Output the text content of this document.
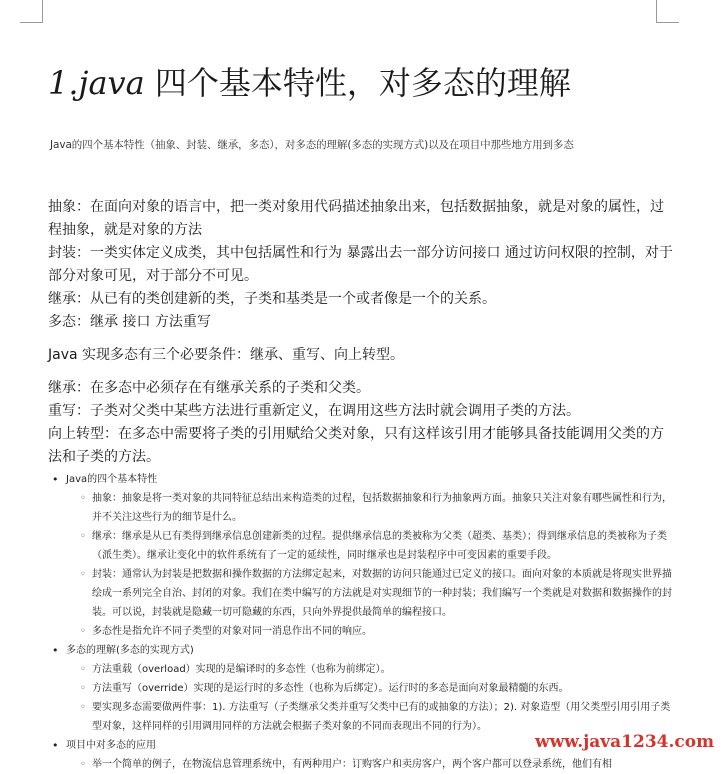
1.java 四个基本特性，对多态的理解

Java的四个基本特性（抽象、封装、继承，多态），对多态的理解(多态的实现方式)以及在项目中那些地方用到多态

抽象：在面向对象的语言中，把一类对象用代码描述抽象出来，包括数据抽象，就是对象的属性，过程抽象，就是对象的方法

封装：一类实体定义成类，其中包括属性和行为 暴露出去一部分访问接口 通过访问权限的控制，对于部分对象可见，对于部分不可见。

继承：从已有的类创建新的类，子类和基类是一个或者像是一个的关系。

多态：继承 接口 方法重写

Java 实现多态有三个必要条件：继承、重写、向上转型。

继承：在多态中必须存在有继承关系的子类和父类。

重写：子类对父类中某些方法进行重新定义，在调用这些方法时就会调用子类的方法。

向上转型：在多态中需要将子类的引用赋给父类对象，只有这样该引用才能够具备技能调用父类的方法和子类的方法。

• Java的四个基本特性
◦ 抽象：抽象是将一类对象的共同特征总结出来构造类的过程，包括数据抽象和行为抽象两方面。抽象只关注对象有哪些属性和行为，并不关注这些行为的细节是什么。
◦ 继承：继承是从已有类得到继承信息创建新类的过程。提供继承信息的类被称为父类（超类、基类）；得到继承信息的类被称为子类（派生类）。继承让变化中的软件系统有了一定的延续性，同时继承也是封装程序中可变因素的重要手段。
◦ 封装：通常认为封装是把数据和操作数据的方法绑定起来，对数据的访问只能通过已定义的接口。面向对象的本质就是将现实世界描绘成一系列完全自治、封闭的对象。我们在类中编写的方法就是对实现细节的一种封装；我们编写一个类就是对数据和数据操作的封装。可以说，封装就是隐藏一切可隐藏的东西，只向外界提供最简单的编程接口。
◦ 多态性是指允许不同子类型的对象对同一消息作出不同的响应。
• 多态的理解(多态的实现方式)
◦ 方法重载（overload）实现的是编译时的多态性（也称为前绑定）。
◦ 方法重写（override）实现的是运行时的多态性（也称为后绑定）。运行时的多态是面向对象最精髓的东西。
◦ 要实现多态需要做两件事：1). 方法重写（子类继承父类并重写父类中已有的或抽象的方法）；2). 对象造型（用父类型引用引用子类型对象，这样同样的引用调用同样的方法就会根据子类对象的不同而表现出不同的行为）。
• 项目中对多态的应用
◦ 举一个简单的例子，在物流信息管理系统中，有两种用户：订购客户和卖房客户，两个客户都可以登录系统，他们有相
www.java1234.com
